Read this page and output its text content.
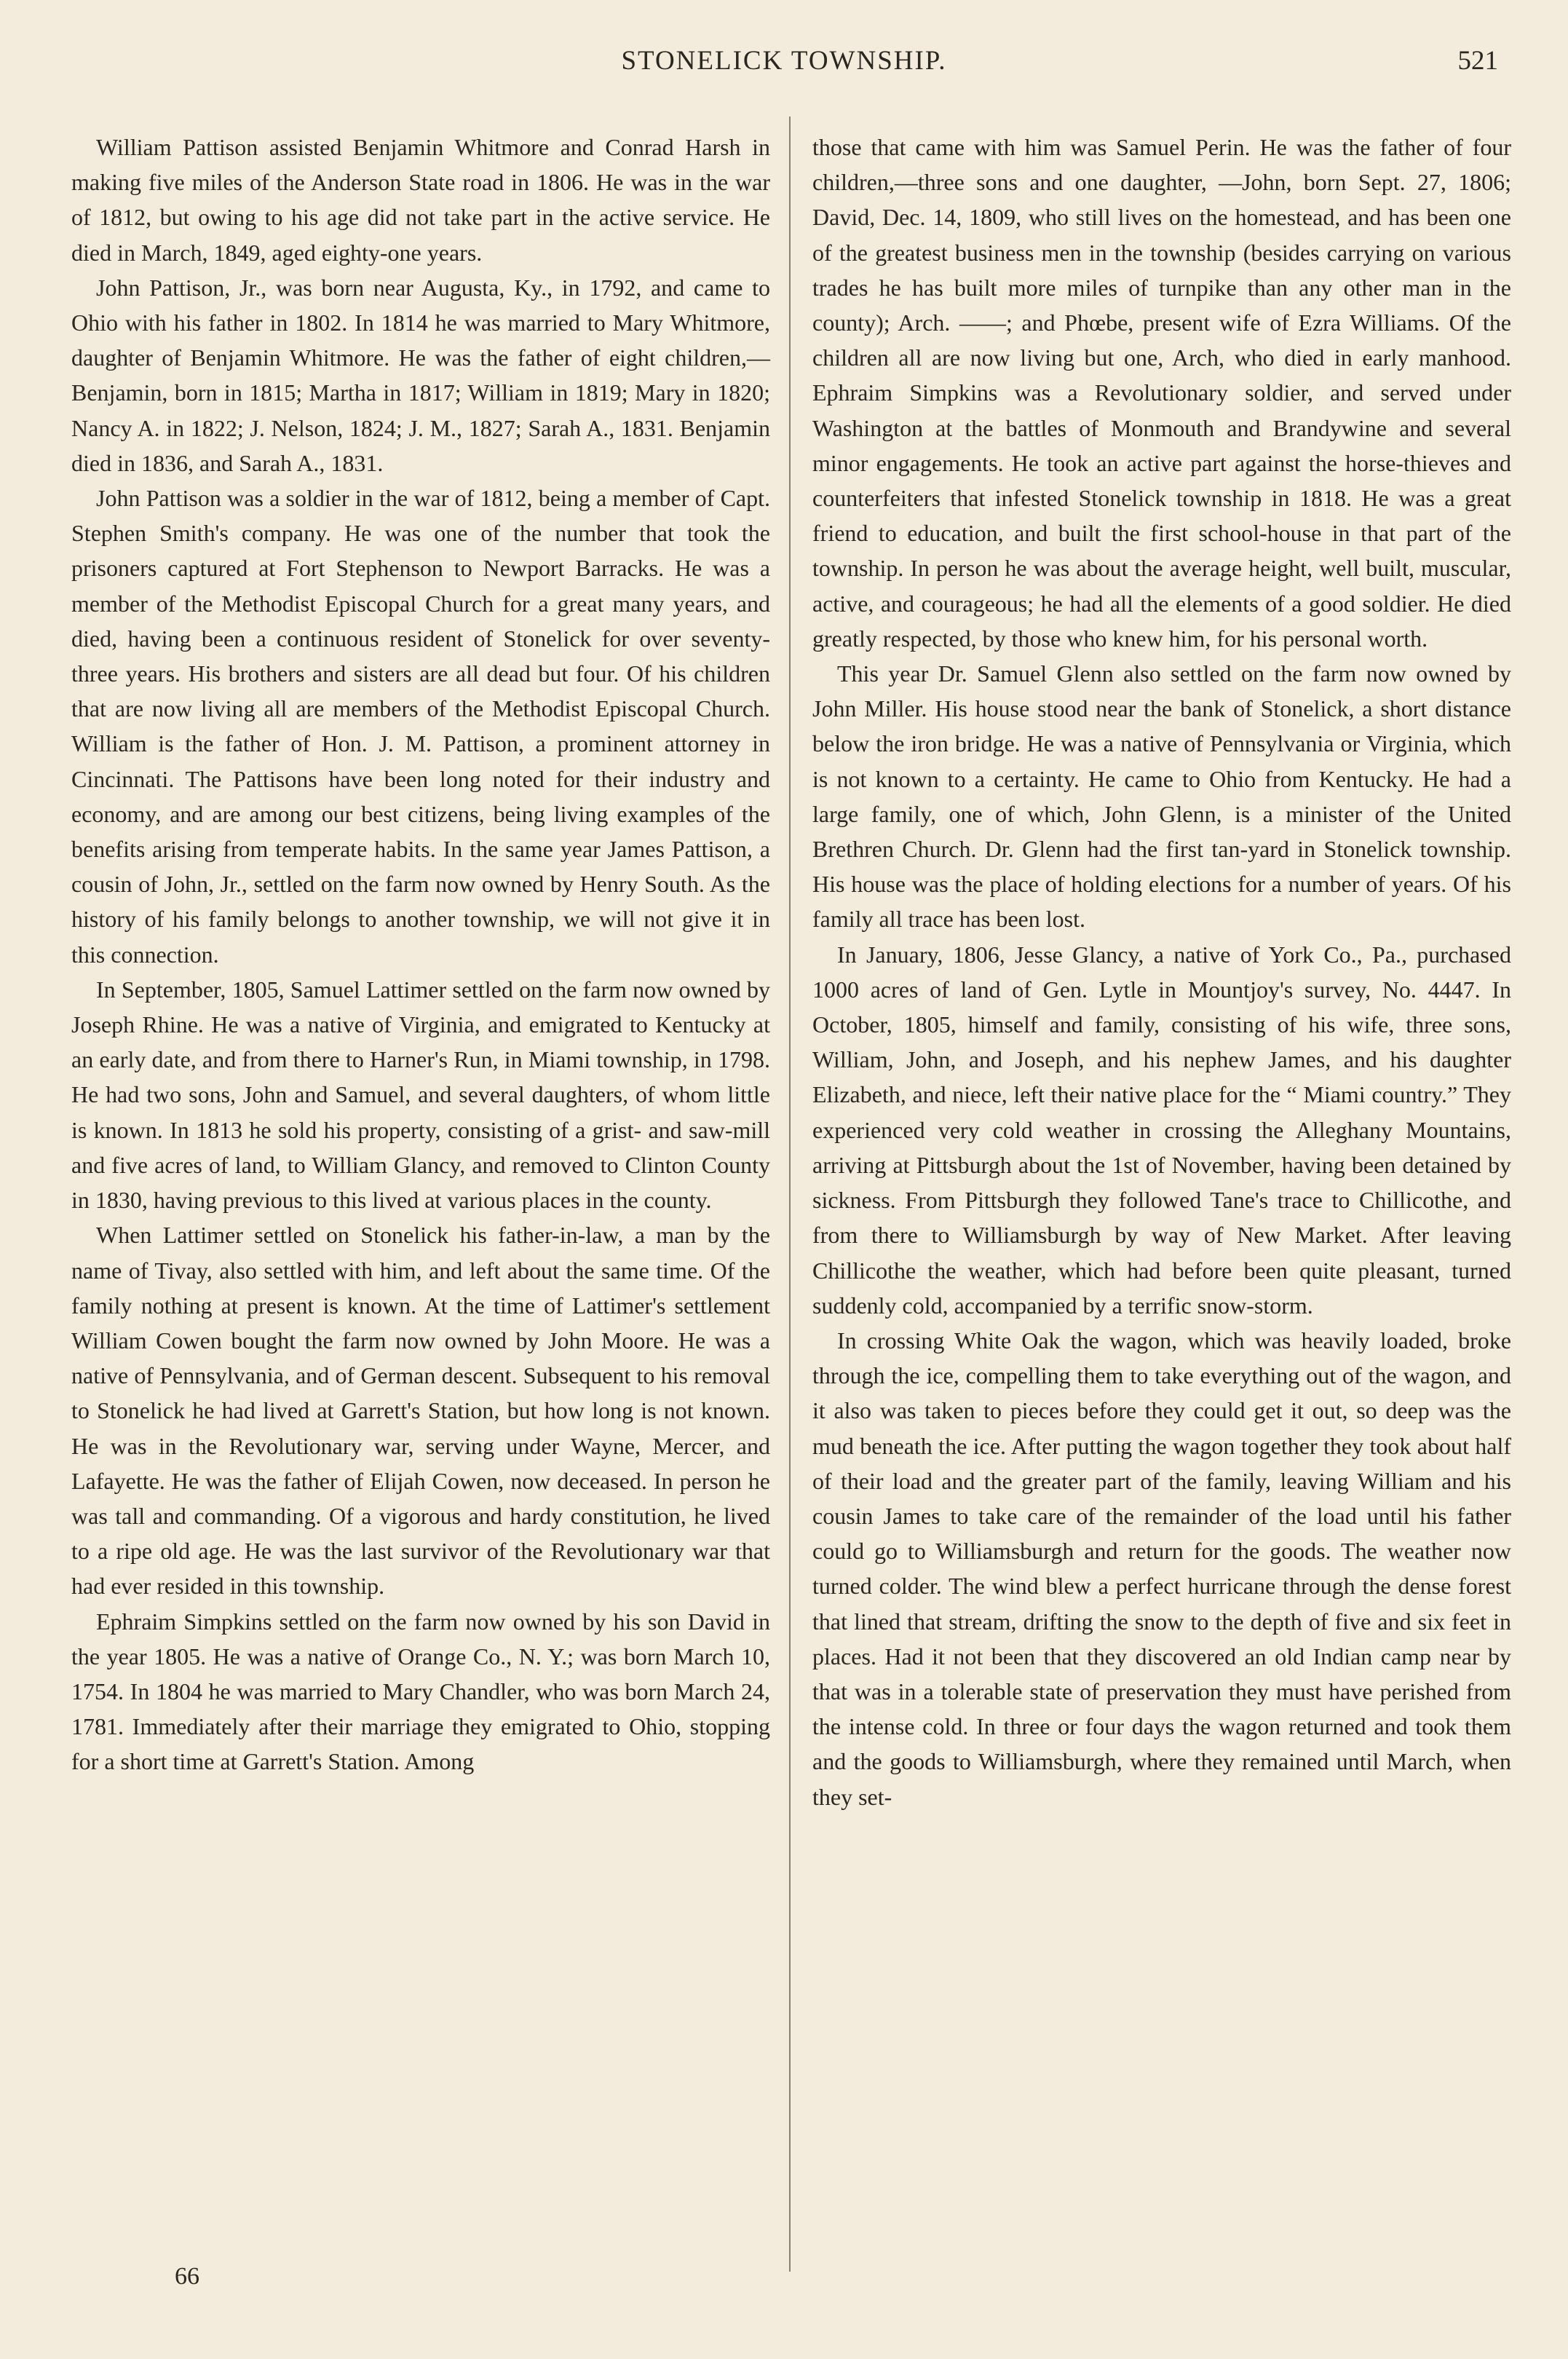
STONELICK TOWNSHIP.	521

William Pattison assisted Benjamin Whitmore and Conrad Harsh in making five miles of the Anderson State road in 1806. He was in the war of 1812, but owing to his age did not take part in the active service. He died in March, 1849, aged eighty-one years.

John Pattison, Jr., was born near Augusta, Ky., in 1792, and came to Ohio with his father in 1802. In 1814 he was married to Mary Whitmore, daughter of Benjamin Whitmore. He was the father of eight children,—Benjamin, born in 1815; Martha in 1817; William in 1819; Mary in 1820; Nancy A. in 1822; J. Nelson, 1824; J. M., 1827; Sarah A., 1831. Benjamin died in 1836, and Sarah A., 1831.

John Pattison was a soldier in the war of 1812, being a member of Capt. Stephen Smith's company. He was one of the number that took the prisoners captured at Fort Stephenson to Newport Barracks. He was a member of the Methodist Episcopal Church for a great many years, and died, having been a continuous resident of Stonelick for over seventy-three years. His brothers and sisters are all dead but four. Of his children that are now living all are members of the Methodist Episcopal Church. William is the father of Hon. J. M. Pattison, a prominent attorney in Cincinnati. The Pattisons have been long noted for their industry and economy, and are among our best citizens, being living examples of the benefits arising from temperate habits. In the same year James Pattison, a cousin of John, Jr., settled on the farm now owned by Henry South. As the history of his family belongs to another township, we will not give it in this connection.

In September, 1805, Samuel Lattimer settled on the farm now owned by Joseph Rhine. He was a native of Virginia, and emigrated to Kentucky at an early date, and from there to Harner's Run, in Miami township, in 1798. He had two sons, John and Samuel, and several daughters, of whom little is known. In 1813 he sold his property, consisting of a grist- and saw-mill and five acres of land, to William Glancy, and removed to Clinton County in 1830, having previous to this lived at various places in the county.

When Lattimer settled on Stonelick his father-in-law, a man by the name of Tivay, also settled with him, and left about the same time. Of the family nothing at present is known. At the time of Lattimer's settlement William Cowen bought the farm now owned by John Moore. He was a native of Pennsylvania, and of German descent. Subsequent to his removal to Stonelick he had lived at Garrett's Station, but how long is not known. He was in the Revolutionary war, serving under Wayne, Mercer, and Lafayette. He was the father of Elijah Cowen, now deceased. In person he was tall and commanding. Of a vigorous and hardy constitution, he lived to a ripe old age. He was the last survivor of the Revolutionary war that had ever resided in this township.

Ephraim Simpkins settled on the farm now owned by his son David in the year 1805. He was a native of Orange Co., N. Y.; was born March 10, 1754. In 1804 he was married to Mary Chandler, who was born March 24, 1781. Immediately after their marriage they emigrated to Ohio, stopping for a short time at Garrett's Station. Among

those that came with him was Samuel Perin. He was the father of four children,—three sons and one daughter, —John, born Sept. 27, 1806; David, Dec. 14, 1809, who still lives on the homestead, and has been one of the greatest business men in the township (besides carrying on various trades he has built more miles of turnpike than any other man in the county); Arch. ——; and Phœbe, present wife of Ezra Williams. Of the children all are now living but one, Arch, who died in early manhood. Ephraim Simpkins was a Revolutionary soldier, and served under Washington at the battles of Monmouth and Brandywine and several minor engagements. He took an active part against the horse-thieves and counterfeiters that infested Stonelick township in 1818. He was a great friend to education, and built the first school-house in that part of the township. In person he was about the average height, well built, muscular, active, and courageous; he had all the elements of a good soldier. He died greatly respected, by those who knew him, for his personal worth.

This year Dr. Samuel Glenn also settled on the farm now owned by John Miller. His house stood near the bank of Stonelick, a short distance below the iron bridge. He was a native of Pennsylvania or Virginia, which is not known to a certainty. He came to Ohio from Kentucky. He had a large family, one of which, John Glenn, is a minister of the United Brethren Church. Dr. Glenn had the first tan-yard in Stonelick township. His house was the place of holding elections for a number of years. Of his family all trace has been lost.

In January, 1806, Jesse Glancy, a native of York Co., Pa., purchased 1000 acres of land of Gen. Lytle in Mountjoy's survey, No. 4447. In October, 1805, himself and family, consisting of his wife, three sons, William, John, and Joseph, and his nephew James, and his daughter Elizabeth, and niece, left their native place for the “ Miami country.” They experienced very cold weather in crossing the Alleghany Mountains, arriving at Pittsburgh about the 1st of November, having been detained by sickness. From Pittsburgh they followed Tane's trace to Chillicothe, and from there to Williamsburgh by way of New Market. After leaving Chillicothe the weather, which had before been quite pleasant, turned suddenly cold, accompanied by a terrific snow-storm.

In crossing White Oak the wagon, which was heavily loaded, broke through the ice, compelling them to take everything out of the wagon, and it also was taken to pieces before they could get it out, so deep was the mud beneath the ice. After putting the wagon together they took about half of their load and the greater part of the family, leaving William and his cousin James to take care of the remainder of the load until his father could go to Williamsburgh and return for the goods. The weather now turned colder. The wind blew a perfect hurricane through the dense forest that lined that stream, drifting the snow to the depth of five and six feet in places. Had it not been that they discovered an old Indian camp near by that was in a tolerable state of preservation they must have perished from the intense cold. In three or four days the wagon returned and took them and the goods to Williamsburgh, where they remained until March, when they set-

66
